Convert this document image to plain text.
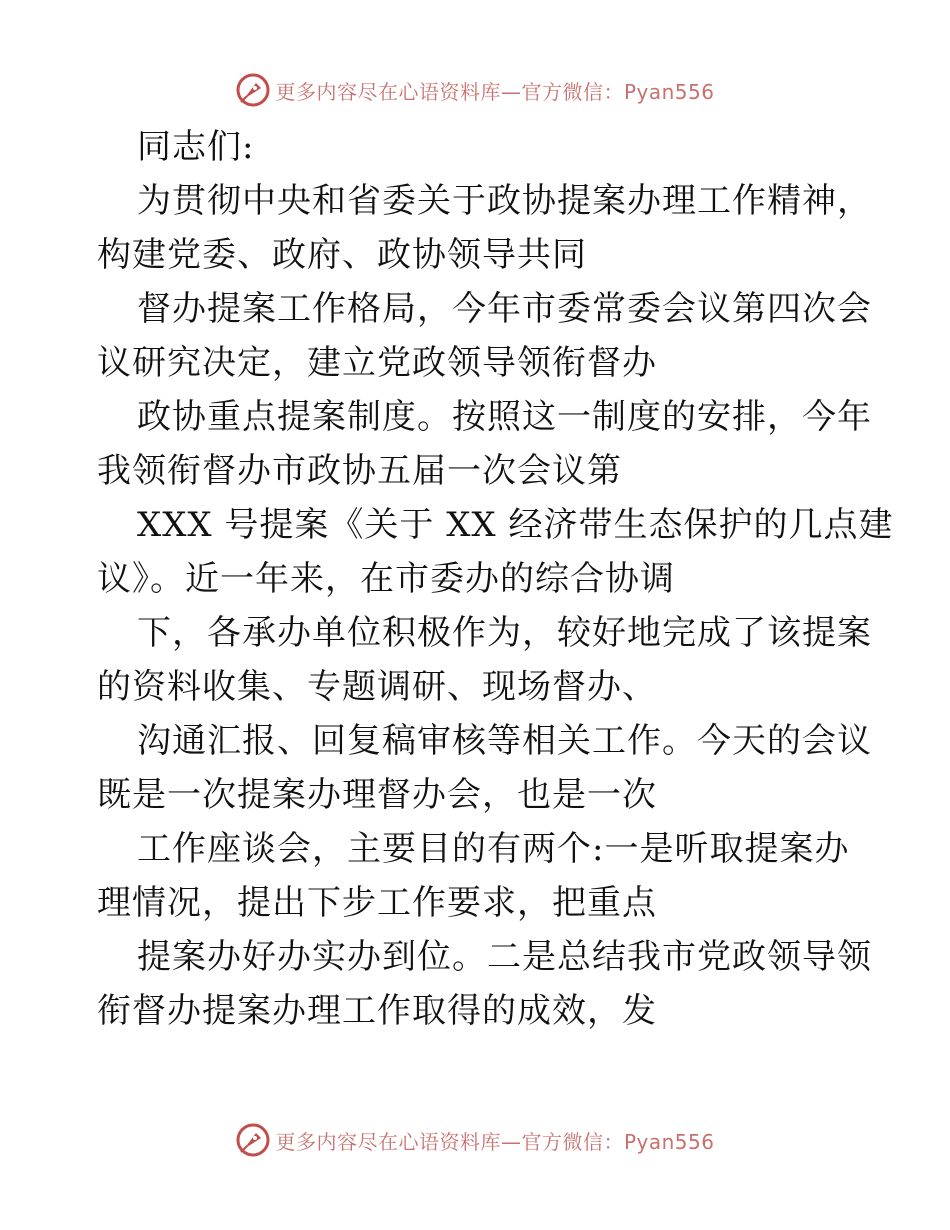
更多内容尽在心语资料库—官方微信：Pyan556
同志们:
为贯彻中央和省委关于政协提案办理工作精神，
构建党委、政府、政协领导共同
督办提案工作格局，今年市委常委会议第四次会
议研究决定，建立党政领导领衔督办
政协重点提案制度。按照这一制度的安排，今年
我领衔督办市政协五届一次会议第
XXX 号提案《关于 XX 经济带生态保护的几点建
议》。近一年来，在市委办的综合协调
下，各承办单位积极作为，较好地完成了该提案
的资料收集、专题调研、现场督办、
沟通汇报、回复稿审核等相关工作。今天的会议
既是一次提案办理督办会，也是一次
工作座谈会，主要目的有两个:一是听取提案办
理情况，提出下步工作要求，把重点
提案办好办实办到位。二是总结我市党政领导领
衔督办提案办理工作取得的成效，发
更多内容尽在心语资料库—官方微信：Pyan556
